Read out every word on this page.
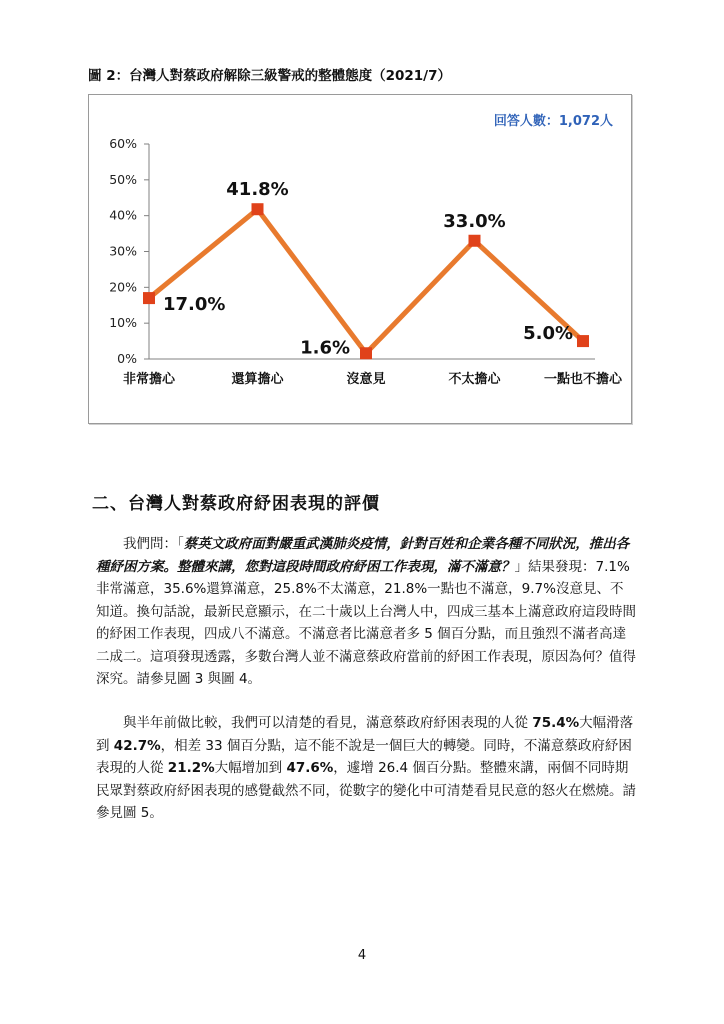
圖 2：台灣人對蔡政府解除三級警戒的整體態度（2021/7）
0%
10%
20%
30%
40%
50%
60%
非常擔心	還算擔心	沒意見	不太擔心	一點也不擔心
17.0%
41.8%
1.6%
33.0%
5.0%
回答人數：1,072人
二、台灣人對蔡政府紓困表現的評價

我們問：「蔡英文政府面對嚴重武漢肺炎疫情，針對百姓和企業各種不同狀況，推出各種紓困方案。整體來講，您對這段時間政府紓困工作表現，滿不滿意？」結果發現：7.1%非常滿意，35.6%還算滿意，25.8%不太滿意，21.8%一點也不滿意，9.7%沒意見、不知道。換句話說，最新民意顯示，在二十歲以上台灣人中，四成三基本上滿意政府這段時間的紓困工作表現，四成八不滿意。不滿意者比滿意者多 5 個百分點，而且強烈不滿者高達二成二。這項發現透露，多數台灣人並不滿意蔡政府當前的紓困工作表現，原因為何？值得深究。請參見圖 3 與圖 4。

與半年前做比較，我們可以清楚的看見，滿意蔡政府紓困表現的人從 75.4%大幅滑落到 42.7%，相差 33 個百分點，這不能不說是一個巨大的轉變。同時，不滿意蔡政府紓困表現的人從 21.2%大幅增加到 47.6%，遽增 26.4 個百分點。整體來講，兩個不同時期民眾對蔡政府紓困表現的感覺截然不同，從數字的變化中可清楚看見民意的怒火在燃燒。請參見圖 5。

4
